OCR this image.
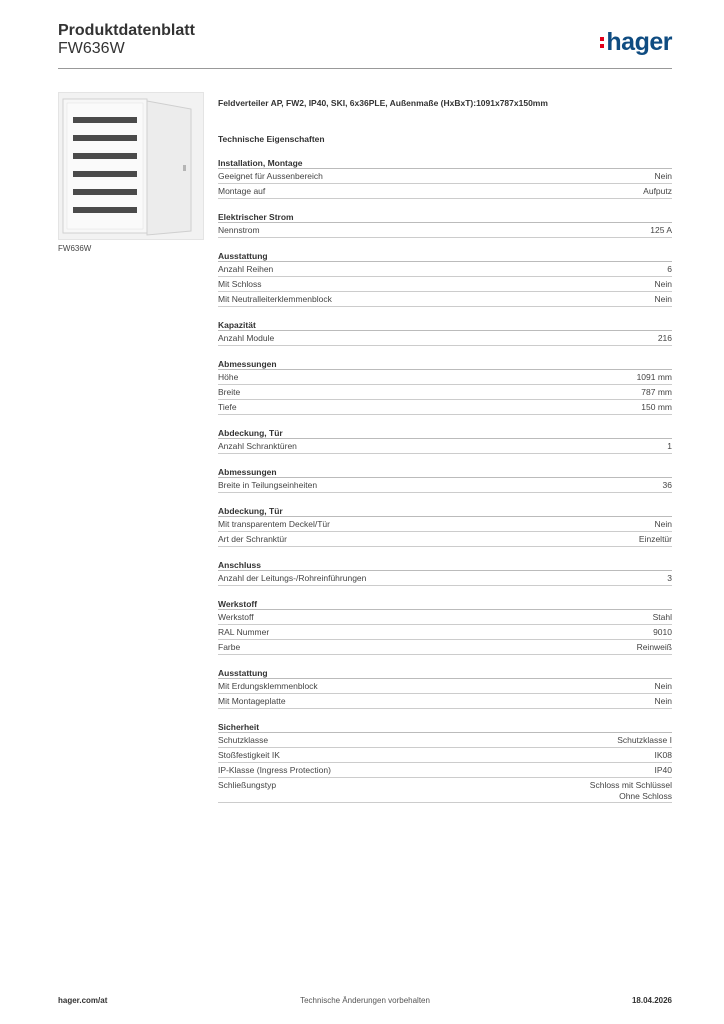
Produktdatenblatt
FW636W	hager
FW636W
Feldverteiler AP, FW2, IP40, SKI, 6x36PLE, Außenmaße (HxBxT):1091x787x150mm
Technische Eigenschaften
Installation, Montage
Geeignet für Aussenbereich	Nein
Montage auf	Aufputz
Elektrischer Strom
Nennstrom	125 A
Ausstattung
Anzahl Reihen	6
Mit Schloss	Nein
Mit Neutralleiterklemmenblock	Nein
Kapazität
Anzahl Module	216
Abmessungen
Höhe	1091 mm
Breite	787 mm
Tiefe	150 mm
Abdeckung, Tür
Anzahl Schranktüren	1
Abmessungen
Breite in Teilungseinheiten	36
Abdeckung, Tür
Mit transparentem Deckel/Tür	Nein
Art der Schranktür	Einzeltür
Anschluss
Anzahl der Leitungs-/Rohreinführungen	3
Werkstoff
Werkstoff	Stahl
RAL Nummer	9010
Farbe	Reinweiß
Ausstattung
Mit Erdungsklemmenblock	Nein
Mit Montageplatte	Nein
Sicherheit
Schutzklasse	Schutzklasse I
Stoßfestigkeit IK	IK08
IP-Klasse (Ingress Protection)	IP40
Schließungstyp	Schloss mit Schlüssel
Ohne Schloss
hager.com/at	Technische Änderungen vorbehalten	18.04.2026
